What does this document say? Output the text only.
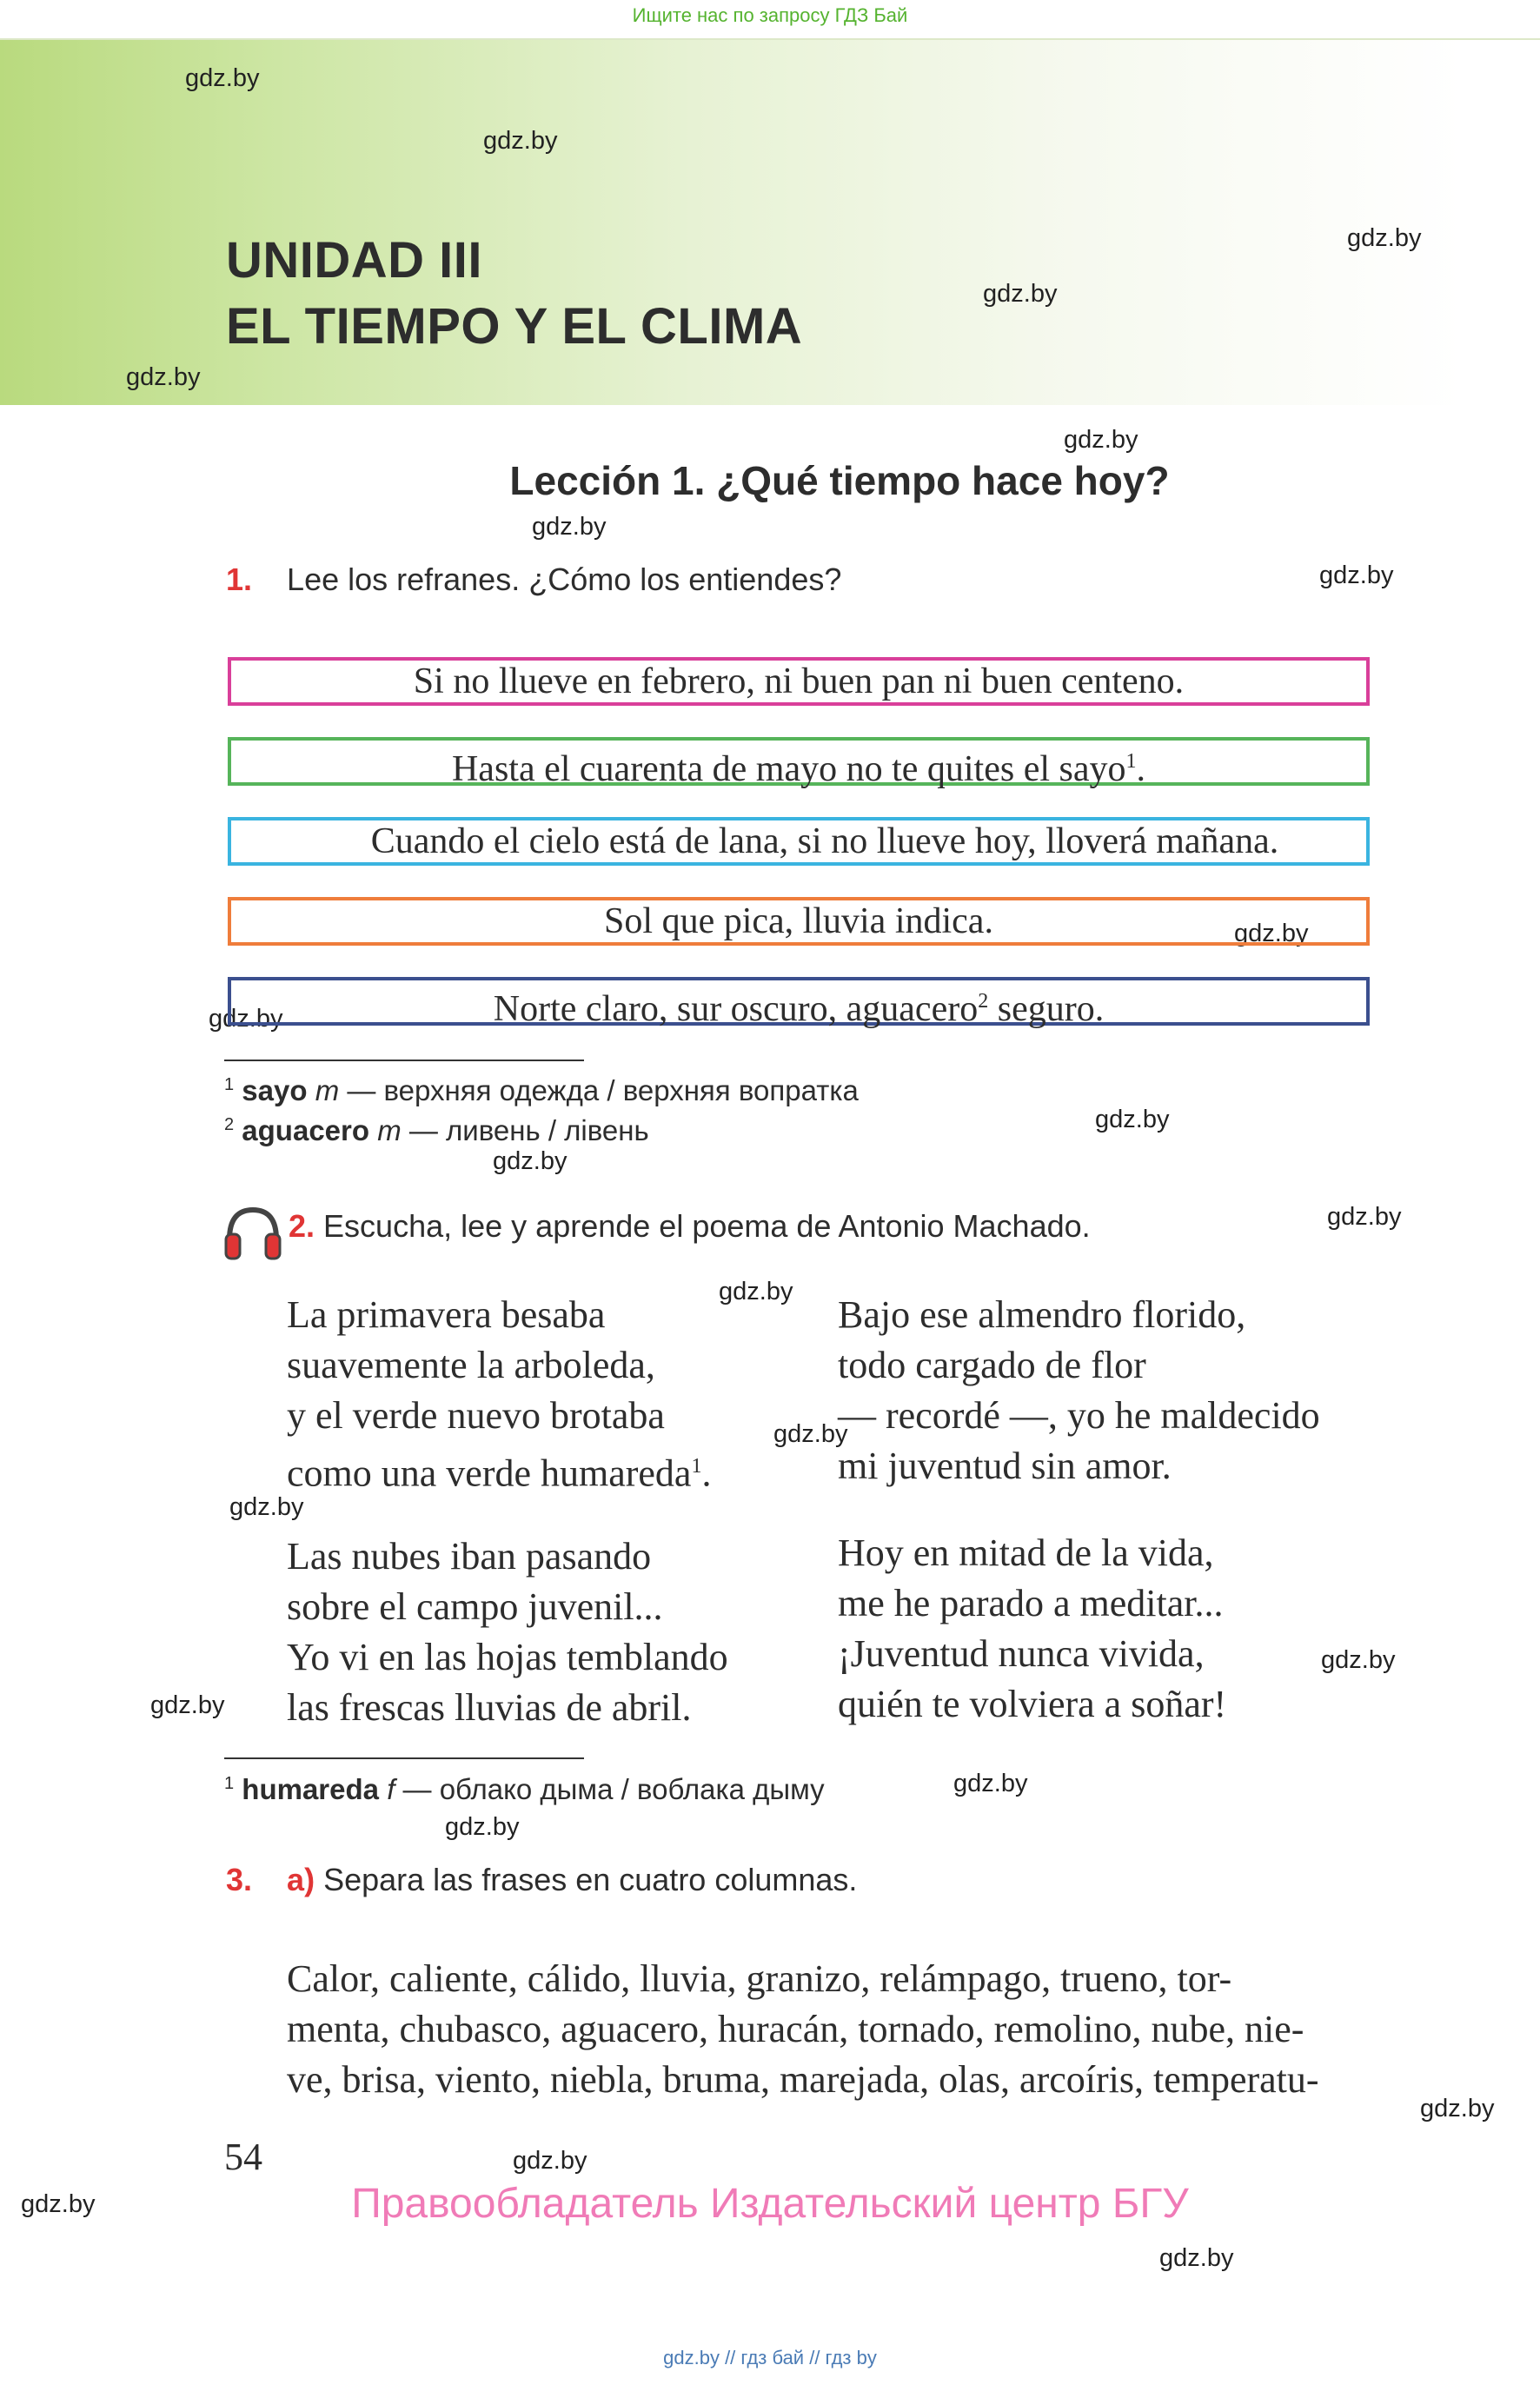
Ищите нас по запросу ГДЗ Бай
UNIDAD III
EL TIEMPO Y EL CLIMA
gdz.by
gdz.by
gdz.by
gdz.by
gdz.by
gdz.by
gdz.by
gdz.by
gdz.by
gdz.by
gdz.by
gdz.by
gdz.by
gdz.by
gdz.by
gdz.by
gdz.by
gdz.by
gdz.by
gdz.by
gdz.by
gdz.by
gdz.by
gdz.by
Lección 1. ¿Qué tiempo hace hoy?
1. Lee los refranes. ¿Cómo los entiendes?
Si no llueve en febrero, ni buen pan ni buen centeno.
Hasta el cuarenta de mayo no te quites el sayo$^1$.
Cuando el cielo está de lana, si no llueve hoy, lloverá mañana.
Sol que pica, lluvia indica.
Norte claro, sur oscuro, aguacero$^2$ seguro.
$^1$ sayo m — верхняя одежда / верхняя вопратка
$^2$ aguacero m — ливень / лівень
2. Escucha, lee y aprende el poema de Antonio Machado.
La primavera besaba
suavemente la arboleda,
y el verde nuevo brotaba
como una verde humareda$^1$.
Las nubes iban pasando
sobre el campo juvenil...
Yo vi en las hojas temblando
las frescas lluvias de abril.
Bajo ese almendro florido,
todo cargado de flor
— recordé —, yo he maldecido
mi juventud sin amor.
Hoy en mitad de la vida,
me he parado a meditar...
¡Juventud nunca vivida,
quién te volviera a soñar!
$^1$ humareda f — облако дыма / воблака дыму
3. a) Separa las frases en cuatro columnas.
Calor, caliente, cálido, lluvia, granizo, relámpago, trueno, tor-
menta, chubasco, aguacero, huracán, tornado, remolino, nube, nie-
ve, brisa, viento, niebla, bruma, marejada, olas, arcoíris, temperatu-
54
Правообладатель Издательский центр БГУ
gdz.by // гдз бай // гдз by
